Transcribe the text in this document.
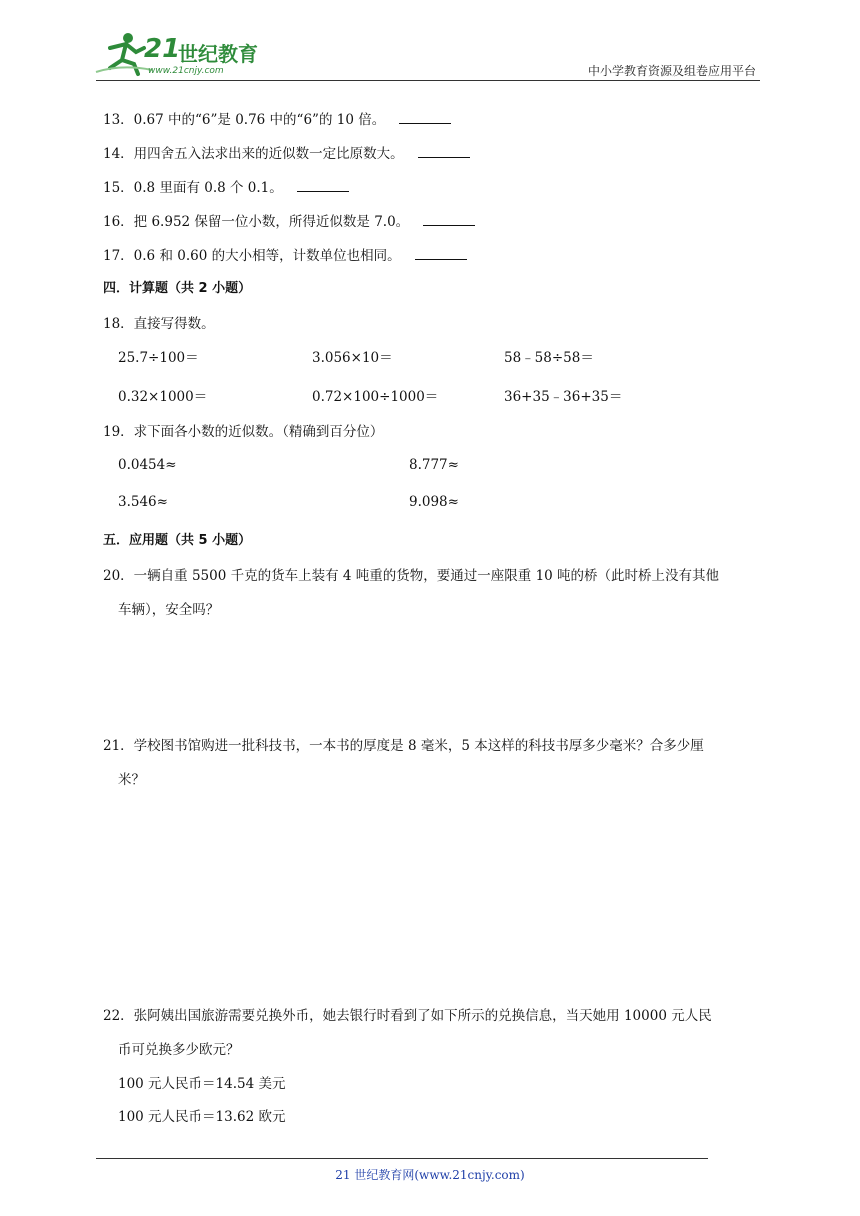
21
世纪教育
www.21cnjy.com	中小学教育资源及组卷应用平台
13．0.67 中的“6”是 0.76 中的“6”的 10 倍。
14．用四舍五入法求出来的近似数一定比原数大。
15．0.8 里面有 0.8 个 0.1。
16．把 6.952 保留一位小数，所得近似数是 7.0。
17．0.6 和 0.60 的大小相等，计数单位也相同。
四．计算题（共 2 小题）
18．直接写得数。
25.7÷100＝	3.056×10＝	58﹣58÷58＝
0.32×1000＝	0.72×100÷1000＝	36+35﹣36+35＝
19．求下面各小数的近似数。（精确到百分位）
0.0454≈	8.777≈
3.546≈	9.098≈
五．应用题（共 5 小题）
20．一辆自重 5500 千克的货车上装有 4 吨重的货物，要通过一座限重 10 吨的桥（此时桥上没有其他
车辆），安全吗？
21．学校图书馆购进一批科技书，一本书的厚度是 8 毫米，5 本这样的科技书厚多少毫米？合多少厘
米？
22．张阿姨出国旅游需要兑换外币，她去银行时看到了如下所示的兑换信息，当天她用 10000 元人民
币可兑换多少欧元？
100 元人民币＝14.54 美元
100 元人民币＝13.62 欧元
21 世纪教育网(www.21cnjy.com)
